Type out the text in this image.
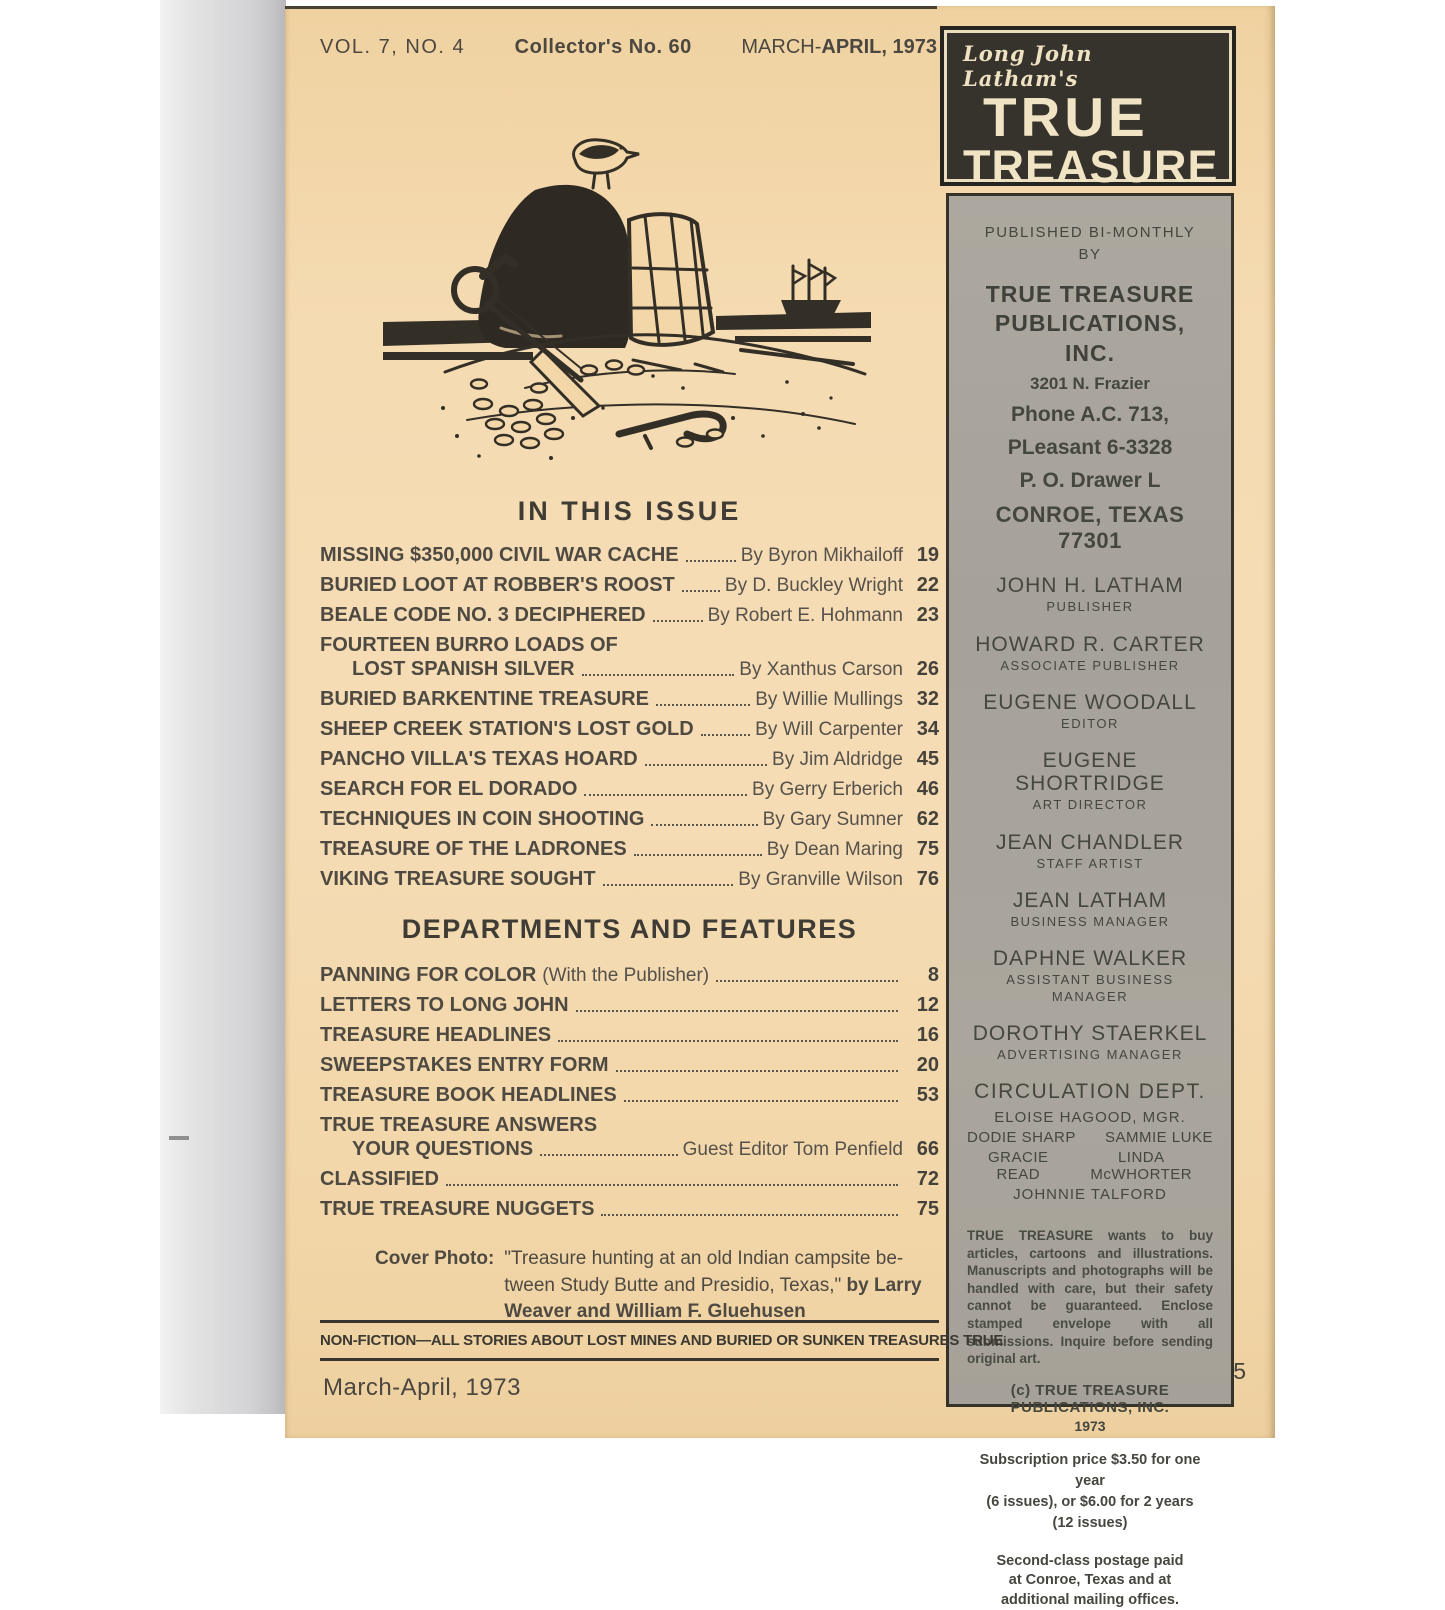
VOL. 7, NO. 4 Collector's No. 60 MARCH-APRIL, 1973 Long John Latham's
TRUE
TREASURE
PUBLISHED BI-MONTHLY
BY
TRUE TREASURE
PUBLICATIONS, INC.
3201 N. Frazier
Phone A.C. 713,
PLeasant 6-3328
P. O. Drawer L
CONROE, TEXAS 77301
JOHN H. LATHAM
PUBLISHER
HOWARD R. CARTER
ASSOCIATE PUBLISHER
EUGENE WOODALL
EDITOR
EUGENE SHORTRIDGE
ART DIRECTOR
JEAN CHANDLER
STAFF ARTIST
JEAN LATHAM
BUSINESS MANAGER
DAPHNE WALKER
ASSISTANT BUSINESS MANAGER
DOROTHY STAERKEL
ADVERTISING MANAGER
CIRCULATION DEPT.
ELOISE HAGOOD, MGR.
DODIE SHARP SAMMIE LUKE
GRACIE READ
LINDA McWHORTER
JOHNNIE TALFORD
TRUE TREASURE wants to buy articles, cartoons and illustrations. Manuscripts and photographs will be handled with care, but their safety cannot be guaranteed. Enclose stamped envelope with all submissions. Inquire before sending original art.
(c) TRUE TREASURE PUBLICATIONS, INC.
1973
Subscription price $3.50 for one year
(6 issues), or $6.00 for 2 years
(12 issues)
Second-class postage paid
at Conroe, Texas and at
additional mailing offices.
IN THIS ISSUE
MISSING $350,000 CIVIL WAR CACHE	By Byron Mikhailoff 19
BURIED LOOT AT ROBBER'S ROOST	By D. Buckley Wright 22
BEALE CODE NO. 3 DECIPHERED	By Robert E. Hohmann 23
FOURTEEN BURRO LOADS OF
LOST SPANISH SILVER	By Xanthus Carson 26
BURIED BARKENTINE TREASURE	By Willie Mullings 32
SHEEP CREEK STATION'S LOST GOLD	By Will Carpenter 34
PANCHO VILLA'S TEXAS HOARD	By Jim Aldridge 45
SEARCH FOR EL DORADO	By Gerry Erberich 46
TECHNIQUES IN COIN SHOOTING	By Gary Sumner 62
TREASURE OF THE LADRONES	By Dean Maring 75
VIKING TREASURE SOUGHT	By Granville Wilson 76
DEPARTMENTS AND FEATURES
PANNING FOR COLOR (With the Publisher)	8
LETTERS TO LONG JOHN	12
TREASURE HEADLINES	16
SWEEPSTAKES ENTRY FORM	20
TREASURE BOOK HEADLINES	53
TRUE TREASURE ANSWERS
YOUR QUESTIONS	Guest Editor Tom Penfield 66
CLASSIFIED	72
TRUE TREASURE NUGGETS	75
Cover Photo: "Treasure hunting at an old Indian campsite be-
tween Study Butte and Presidio, Texas," by Larry
Weaver and William F. Gluehusen
NON-FICTION—ALL STORIES ABOUT LOST MINES AND BURIED OR SUNKEN TREASURES TRUE
March-April, 1973
5
